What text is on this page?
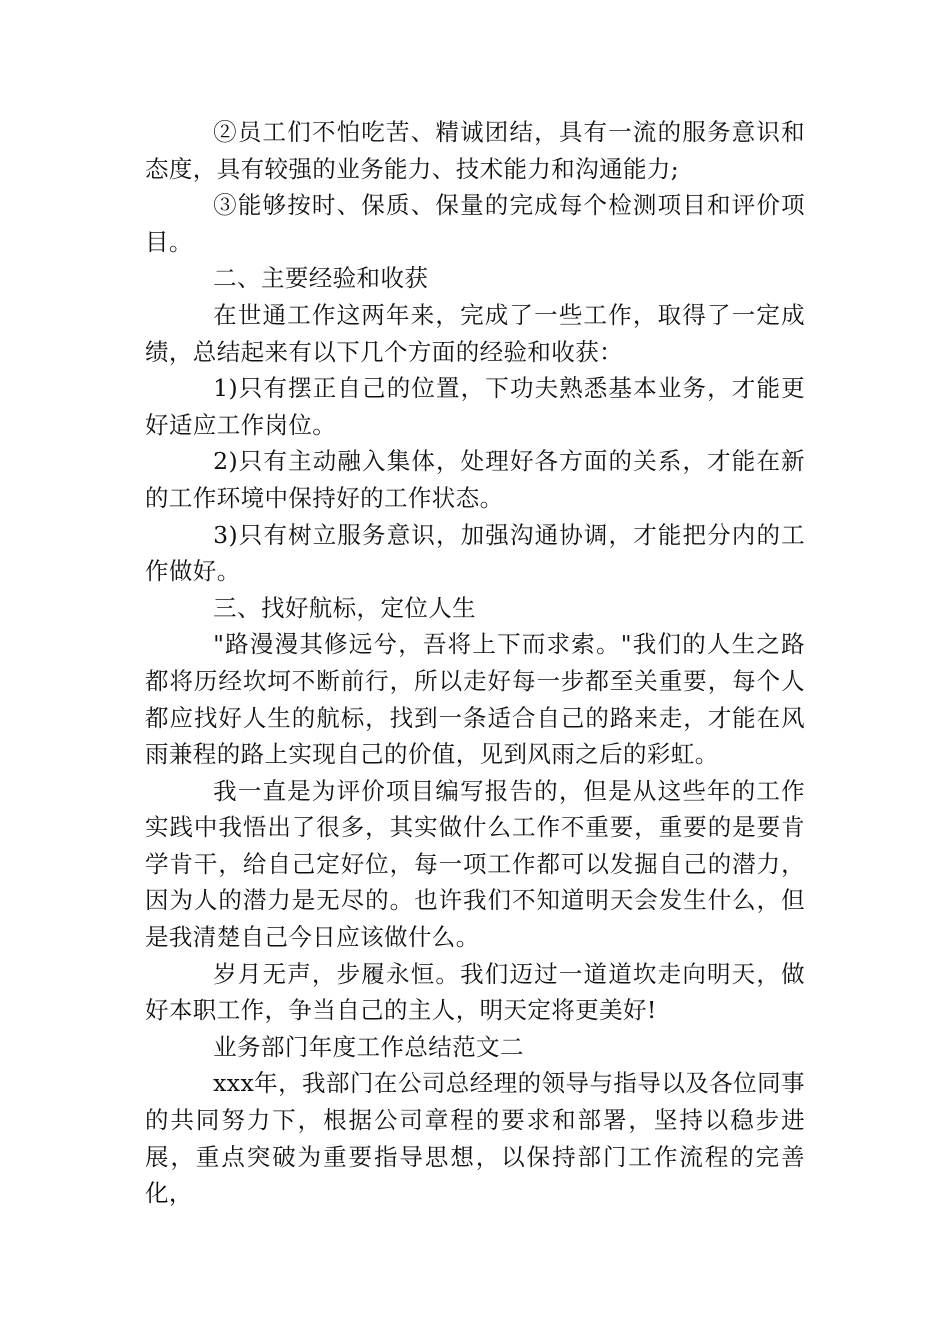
②员工们不怕吃苦、精诚团结，具有一流的服务意识和态度，具有较强的业务能力、技术能力和沟通能力;

③能够按时、保质、保量的完成每个检测项目和评价项目。

二、主要经验和收获

在世通工作这两年来，完成了一些工作，取得了一定成绩，总结起来有以下几个方面的经验和收获：

1)只有摆正自己的位置，下功夫熟悉基本业务，才能更好适应工作岗位。

2)只有主动融入集体，处理好各方面的关系，才能在新的工作环境中保持好的工作状态。

3)只有树立服务意识，加强沟通协调，才能把分内的工作做好。

三、找好航标，定位人生

"路漫漫其修远兮，吾将上下而求索。"我们的人生之路都将历经坎坷不断前行，所以走好每一步都至关重要，每个人都应找好人生的航标，找到一条适合自己的路来走，才能在风雨兼程的路上实现自己的价值，见到风雨之后的彩虹。

我一直是为评价项目编写报告的，但是从这些年的工作实践中我悟出了很多，其实做什么工作不重要，重要的是要肯学肯干，给自己定好位，每一项工作都可以发掘自己的潜力，因为人的潜力是无尽的。也许我们不知道明天会发生什么，但是我清楚自己今日应该做什么。

岁月无声，步履永恒。我们迈过一道道坎走向明天，做好本职工作，争当自己的主人，明天定将更美好!

业务部门年度工作总结范文二

xxx年，我部门在公司总经理的领导与指导以及各位同事的共同努力下，根据公司章程的要求和部署，坚持以稳步进展，重点突破为重要指导思想，以保持部门工作流程的完善化，
